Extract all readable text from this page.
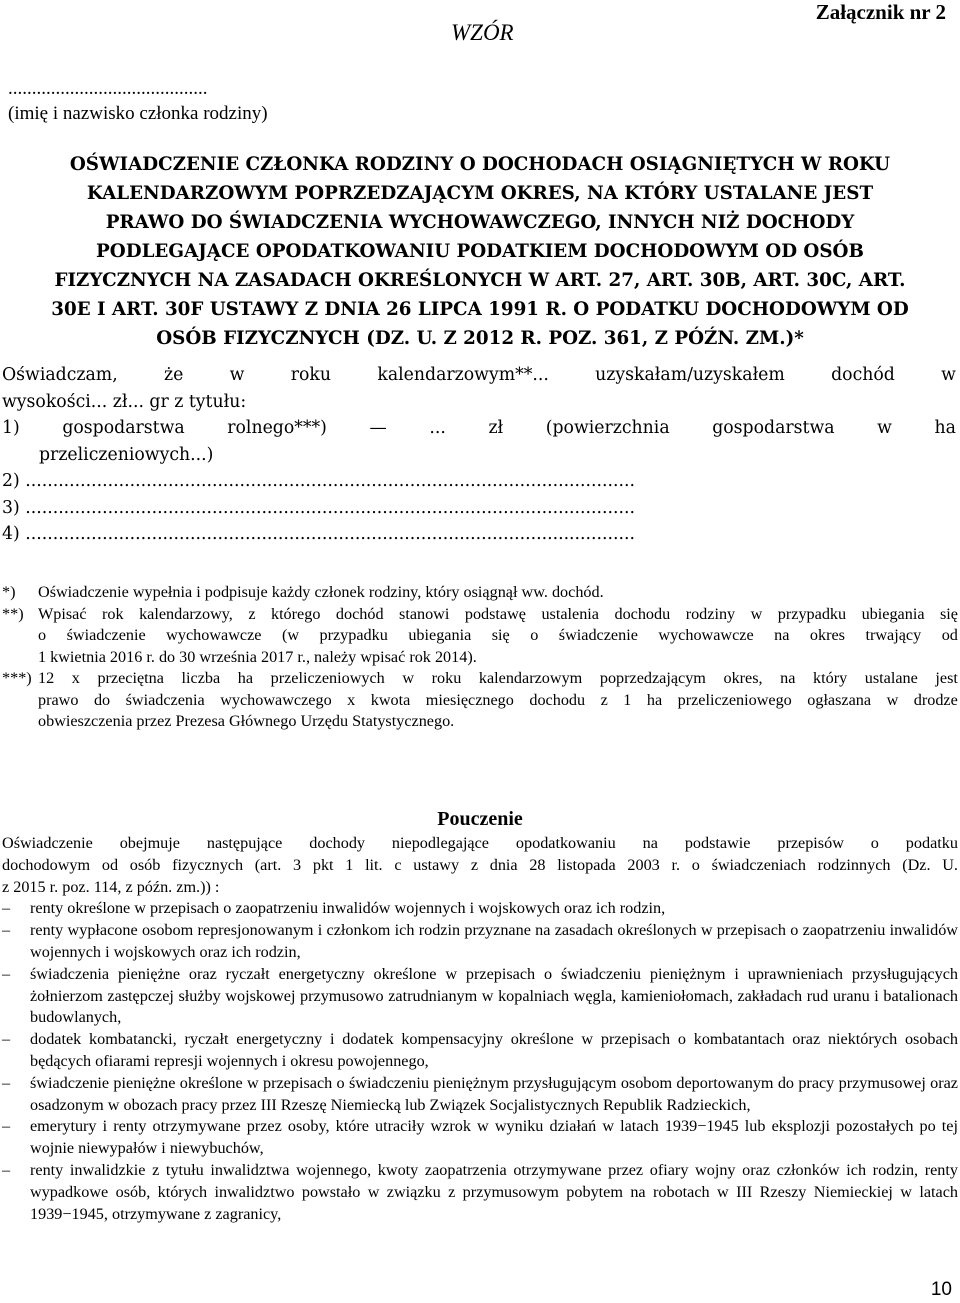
WZÓR
Załącznik nr 2
..........................................
(imię i nazwisko członka rodziny)
OŚWIADCZENIE CZŁONKA RODZINY O DOCHODACH OSIĄGNIĘTYCH W ROKU
KALENDARZOWYM POPRZEDZAJĄCYM OKRES, NA KTÓRY USTALANE JEST
PRAWO DO ŚWIADCZENIA WYCHOWAWCZEGO, INNYCH NIŻ DOCHODY
PODLEGAJĄCE OPODATKOWANIU PODATKIEM DOCHODOWYM OD OSÓB
FIZYCZNYCH NA ZASADACH OKREŚLONYCH W ART. 27, ART. 30B, ART. 30C, ART.
30E I ART. 30F USTAWY Z DNIA 26 LIPCA 1991 R. O PODATKU DOCHODOWYM OD
OSÓB FIZYCZNYCH (DZ. U. Z 2012 R. POZ. 361, Z PÓŹN. ZM.)*
Oświadczam,	że	w	roku	kalendarzowym**...	uzyskałam/uzyskałem	dochód	w
wysokości... zł... gr z tytułu:
1) gospodarstwa rolnego***) — ... zł (powierzchnia gospodarstwa w ha
przeliczeniowych...)
2) ...............................................................................................................
3) ...............................................................................................................
4) ...............................................................................................................
*)	Oświadczenie wypełnia i podpisuje każdy członek rodziny, który osiągnął ww. dochód.
**) Wpisać rok kalendarzowy, z którego dochód stanowi podstawę ustalenia dochodu rodziny w przypadku ubiegania się
o świadczenie wychowawcze (w przypadku ubiegania się o świadczenie wychowawcze na okres trwający od
1 kwietnia 2016 r. do 30 września 2017 r., należy wpisać rok 2014).
***) 12 x przeciętna liczba ha przeliczeniowych w roku kalendarzowym poprzedzającym okres, na który ustalane jest
prawo do świadczenia wychowawczego x kwota miesięcznego dochodu z 1 ha przeliczeniowego ogłaszana w drodze
obwieszczenia przez Prezesa Głównego Urzędu Statystycznego.
Pouczenie
Oświadczenie obejmuje następujące dochody niepodlegające opodatkowaniu na podstawie przepisów o podatku
dochodowym od osób fizycznych (art. 3 pkt 1 lit. c ustawy z dnia 28 listopada 2003 r. o świadczeniach rodzinnych (Dz. U.
z 2015 r. poz. 114, z późn. zm.)) :
–	renty określone w przepisach o zaopatrzeniu inwalidów wojennych i wojskowych oraz ich rodzin,
–	renty wypłacone osobom represjonowanym i członkom ich rodzin przyznane na zasadach określonych w przepisach o zaopatrzeniu inwalidów wojennych i wojskowych oraz ich rodzin,
–	świadczenia pieniężne oraz ryczałt energetyczny określone w przepisach o świadczeniu pieniężnym i uprawnieniach przysługujących żołnierzom zastępczej służby wojskowej przymusowo zatrudnianym w kopalniach węgla, kamieniołomach, zakładach rud uranu i batalionach budowlanych,
–	dodatek kombatancki, ryczałt energetyczny i dodatek kompensacyjny określone w przepisach o kombatantach oraz niektórych osobach będących ofiarami represji wojennych i okresu powojennego,
–	świadczenie pieniężne określone w przepisach o świadczeniu pieniężnym przysługującym osobom deportowanym do pracy przymusowej oraz osadzonym w obozach pracy przez III Rzeszę Niemiecką lub Związek Socjalistycznych Republik Radzieckich,
–	emerytury i renty otrzymywane przez osoby, które utraciły wzrok w wyniku działań w latach 1939−1945 lub eksplozji pozostałych po tej wojnie niewypałów i niewybuchów,
–	renty inwalidzkie z tytułu inwalidztwa wojennego, kwoty zaopatrzenia otrzymywane przez ofiary wojny oraz członków ich rodzin, renty wypadkowe osób, których inwalidztwo powstało w związku z przymusowym pobytem na robotach w III Rzeszy Niemieckiej w latach 1939−1945, otrzymywane z zagranicy,
10
